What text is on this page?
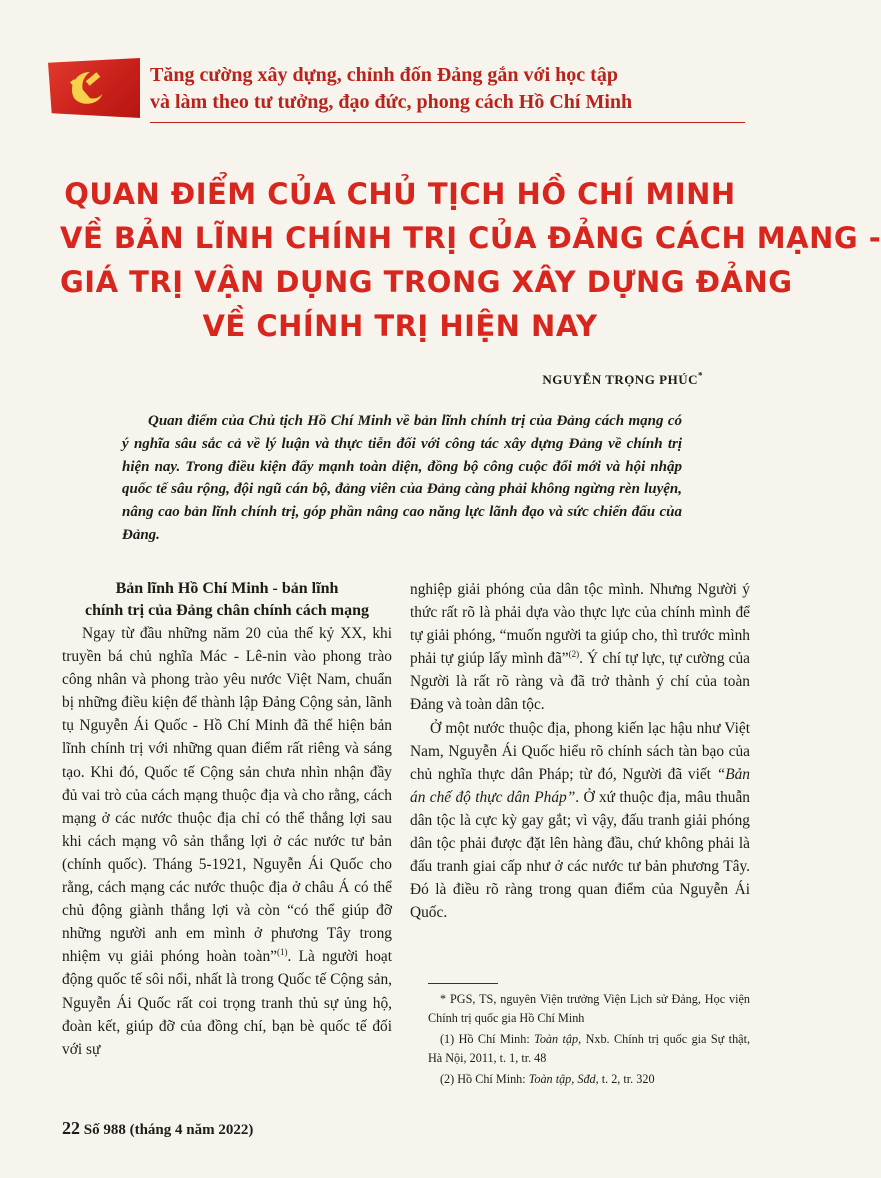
Tăng cường xây dựng, chỉnh đốn Đảng gắn với học tập
và làm theo tư tưởng, đạo đức, phong cách Hồ Chí Minh
QUAN ĐIỂM CỦA CHỦ TỊCH HỒ CHÍ MINH
VỀ BẢN LĨNH CHÍNH TRỊ CỦA ĐẢNG CÁCH MẠNG -
GIÁ TRỊ VẬN DỤNG TRONG XÂY DỰNG ĐẢNG
VỀ CHÍNH TRỊ HIỆN NAY
NGUYỄN TRỌNG PHÚC*
Quan điểm của Chủ tịch Hồ Chí Minh về bản lĩnh chính trị của Đảng cách mạng có ý nghĩa sâu sắc cả về lý luận và thực tiễn đối với công tác xây dựng Đảng về chính trị hiện nay. Trong điều kiện đẩy mạnh toàn diện, đồng bộ công cuộc đổi mới và hội nhập quốc tế sâu rộng, đội ngũ cán bộ, đảng viên của Đảng càng phải không ngừng rèn luyện, nâng cao bản lĩnh chính trị, góp phần nâng cao năng lực lãnh đạo và sức chiến đấu của Đảng.
Bản lĩnh Hồ Chí Minh - bản lĩnh
chính trị của Đảng chân chính cách mạng

Ngay từ đầu những năm 20 của thế kỷ XX, khi truyền bá chủ nghĩa Mác - Lê-nin vào phong trào công nhân và phong trào yêu nước Việt Nam, chuẩn bị những điều kiện để thành lập Đảng Cộng sản, lãnh tụ Nguyễn Ái Quốc - Hồ Chí Minh đã thể hiện bản lĩnh chính trị với những quan điểm rất riêng và sáng tạo. Khi đó, Quốc tế Cộng sản chưa nhìn nhận đầy đủ vai trò của cách mạng thuộc địa và cho rằng, cách mạng ở các nước thuộc địa chỉ có thể thắng lợi sau khi cách mạng vô sản thắng lợi ở các nước tư bản (chính quốc). Tháng 5-1921, Nguyễn Ái Quốc cho rằng, cách mạng các nước thuộc địa ở châu Á có thể chủ động giành thắng lợi và còn “có thể giúp đỡ những người anh em mình ở phương Tây trong nhiệm vụ giải phóng hoàn toàn”$^{(1)}$. Là người hoạt động quốc tế sôi nổi, nhất là trong Quốc tế Cộng sản, Nguyễn Ái Quốc rất coi trọng tranh thủ sự ủng hộ, đoàn kết, giúp đỡ của đồng chí, bạn bè quốc tế đối với sự

nghiệp giải phóng của dân tộc mình. Nhưng Người ý thức rất rõ là phải dựa vào thực lực của chính mình để tự giải phóng, “muốn người ta giúp cho, thì trước mình phải tự giúp lấy mình đã”$^{(2)}$. Ý chí tự lực, tự cường của Người là rất rõ ràng và đã trở thành ý chí của toàn Đảng và toàn dân tộc.

Ở một nước thuộc địa, phong kiến lạc hậu như Việt Nam, Nguyễn Ái Quốc hiểu rõ chính sách tàn bạo của chủ nghĩa thực dân Pháp; từ đó, Người đã viết “Bản án chế độ thực dân Pháp”. Ở xứ thuộc địa, mâu thuẫn dân tộc là cực kỳ gay gắt; vì vậy, đấu tranh giải phóng dân tộc phải được đặt lên hàng đầu, chứ không phải là đấu tranh giai cấp như ở các nước tư bản phương Tây. Đó là điều rõ ràng trong quan điểm của Nguyễn Ái Quốc.

* PGS, TS, nguyên Viện trưởng Viện Lịch sử Đảng, Học viện Chính trị quốc gia Hồ Chí Minh

(1) Hồ Chí Minh: Toàn tập, Nxb. Chính trị quốc gia Sự thật, Hà Nội, 2011, t. 1, tr. 48

(2) Hồ Chí Minh: Toàn tập, Sđd, t. 2, tr. 320

22 Số 988 (tháng 4 năm 2022)
